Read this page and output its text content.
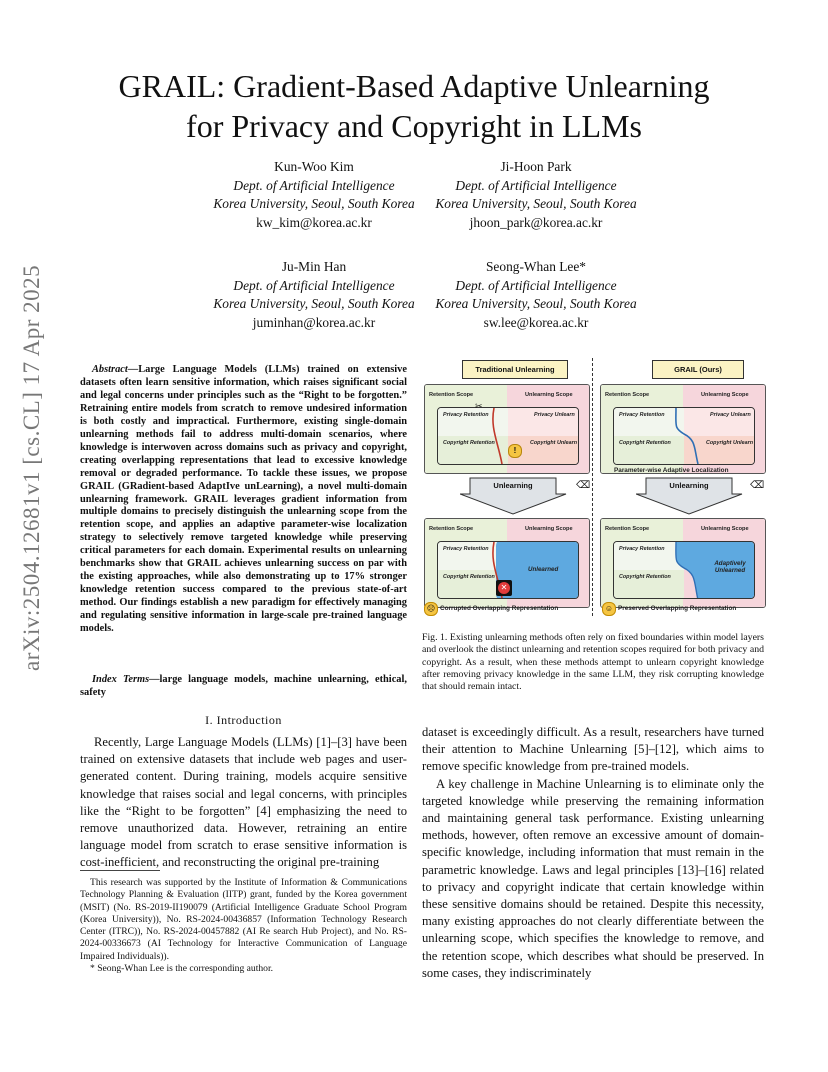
arXiv:2504.12681v1 [cs.CL] 17 Apr 2025
GRAIL: Gradient-Based Adaptive Unlearning
for Privacy and Copyright in LLMs
Kun-Woo Kim
Dept. of Artificial Intelligence
Korea University, Seoul, South Korea
kw_kim@korea.ac.kr
Ji-Hoon Park
Dept. of Artificial Intelligence
Korea University, Seoul, South Korea
jhoon_park@korea.ac.kr
Ju-Min Han
Dept. of Artificial Intelligence
Korea University, Seoul, South Korea
juminhan@korea.ac.kr
Seong-Whan Lee*
Dept. of Artificial Intelligence
Korea University, Seoul, South Korea
sw.lee@korea.ac.kr
Abstract—Large Language Models (LLMs) trained on extensive datasets often learn sensitive information, which raises significant social and legal concerns under principles such as the “Right to be forgotten.” Retraining entire models from scratch to remove undesired information is both costly and impractical. Furthermore, existing single-domain unlearning methods fail to address multi-domain scenarios, where knowledge is interwoven across domains such as privacy and copyright, creating overlapping representations that lead to excessive knowledge removal or degraded performance. To tackle these issues, we propose GRAIL (GRadient-based AdaptIve unLearning), a novel multi-domain unlearning framework. GRAIL leverages gradient information from multiple domains to precisely distinguish the unlearning scope from the retention scope, and applies an adaptive parameter-wise localization strategy to selectively remove targeted knowledge while preserving critical parameters for each domain. Experimental results on unlearning benchmarks show that GRAIL achieves unlearning success on par with the existing approaches, while also demonstrating up to 17% stronger knowledge retention success compared to the previous state-of-art method. Our findings establish a new paradigm for effectively managing and regulating sensitive information in large-scale pre-trained language models.
Index Terms—large language models, machine unlearning, ethical, safety
I. Introduction
Recently, Large Language Models (LLMs) [1]–[3] have been trained on extensive datasets that include web pages and user-generated content. During training, models acquire sensitive knowledge that raises social and legal concerns, with principles like the “Right to be forgotten” [4] emphasizing the need to remove unauthorized data. However, retraining an entire language model from scratch to erase sensitive information is cost-inefficient, and reconstructing the original pre-training

This research was supported by the Institute of Information & Communications Technology Planning & Evaluation (IITP) grant, funded by the Korea government (MSIT) (No. RS-2019-II190079 (Artificial Intelligence Graduate School Program (Korea University)), No. RS-2024-00436857 (Information Technology Research Center (ITRC)), No. RS-2024-00457882 (AI Re search Hub Project), and No. RS-2024-00336673 (AI Technology for Interactive Communication of Language Impaired Individuals)).

* Seong-Whan Lee is the corresponding author.

Traditional Unlearning	GRAIL (Ours)
Retention Scope	Unlearning Scope
Privacy Retention	Privacy Unlearn
Copyright Retention	Copyright Unlearn
!
✂
Retention Scope	Unlearning Scope
Privacy Retention	Privacy Unlearn
Copyright Retention	Copyright Unlearn
Parameter-wise Adaptive Localization
Unlearning	⌫	Unlearning	⌫
Retention Scope	Unlearning Scope
Privacy Retention
Copyright Retention
Unlearned
✕
Retention Scope	Unlearning Scope
Privacy Retention
Copyright Retention
Adaptively Unlearned
☹ Corrupted Overlapping Representation	☺ Preserved Overlapping Representation
Fig. 1. Existing unlearning methods often rely on fixed boundaries within model layers and overlook the distinct unlearning and retention scopes required for both privacy and copyright. As a result, when these methods attempt to unlearn copyright knowledge after removing privacy knowledge in the same LLM, they risk corrupting knowledge that should remain intact.

dataset is exceedingly difficult. As a result, researchers have turned their attention to Machine Unlearning [5]–[12], which aims to remove specific knowledge from pre-trained models.

A key challenge in Machine Unlearning is to eliminate only the targeted knowledge while preserving the remaining information and maintaining general task performance. Existing unlearning methods, however, often remove an excessive amount of domain-specific knowledge, including information that must remain in the parametric knowledge. Laws and legal principles [13]–[16] related to privacy and copyright indicate that certain knowledge within these sensitive domains should be retained. Despite this necessity, many existing approaches do not clearly differentiate between the unlearning scope, which specifies the knowledge to remove, and the retention scope, which describes what should be preserved. In some cases, they indiscriminately
